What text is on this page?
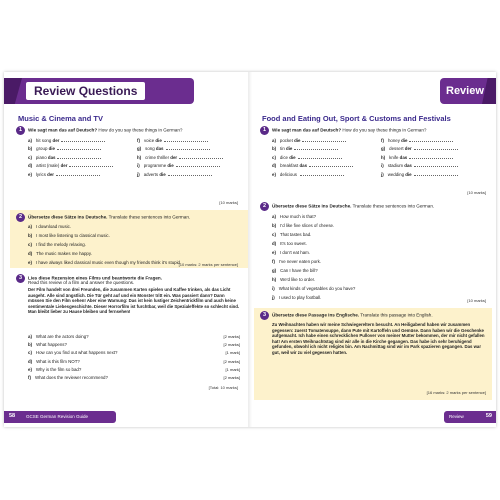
Review Questions
Music & Cinema and TV
1 Wie sagt man das auf Deutsch? How do you say these things in German?
a) hit song der	f) voice die
b) group die	g) song das
c) piano das	h) crime thriller der
d) artist (male) der	i) programme die
e) lyrics der	j) adverts die
[10 marks]
2 Übersetze diese Sätze ins Deutsche. Translate these sentences into German.
a) I download music.
b) I most like listening to classical music.
c) I find the melody relaxing.
d) The music makes me happy.
e) I have always liked classical music even though my friends think it's stupid.
[10 marks: 2 marks per sentence]
3 Lies diese Rezension eines Films und beantworte die Fragen.
Read this review of a film and answer the questions.
Der Film handelt von drei Freunden, die zusammen Karten spielen und Kaffee trinken, als das Licht ausgeht. Alle sind ängstlich. Die Tür geht auf und ein Monster tritt ein. Was passiert dann? Dann müssen Sie den Film sehen! Aber eine Warnung: Das ist kein lustiger Zeichentrickfilm und auch keine sentimentale Liebesgeschichte. Dieser Horrorfilm ist furchtbar, weil die Spezialeffekte so schlecht sind. Man bleibt lieber zu Hause bleiben und fernsehen!
a) What are the actors doing?	[2 marks]
b) What happens?	[2 marks]
c) How can you find out what happens next?	[1 mark]
d) What is this film NOT?	[2 marks]
e) Why is the film so bad?	[1 mark]
f) What does the reviewer recommend?	[2 marks]
[Total: 10 marks]
58 GCSE German Revision Guide
Review
Food and Eating Out, Sport & Customs and Festivals
1 Wie sagt man das auf Deutsch? How do you say these things in German?
a) pocket die	f) honey die
b) tin die	g) dessert der
c) dice die	h) knife das
d) breakfast das	i) stadium das
e) delicious	j) wedding die
[10 marks]
2 Übersetze diese Sätze ins Deutsche. Translate these sentences into German.
a) How much is that?
b) I'd like five slices of cheese.
c) That tastes bad.
d) It's too sweet.
e) I don't eat ham.
f) I've never eaten pork.
g) Can I have the bill?
h) We'd like to order.
i) What kinds of vegetables do you have?
j) I used to play football.
[10 marks]
3 Übersetze diese Passage ins Englische. Translate this passage into English.
Zu Weihnachten haben wir meine Schwiegereltern besucht. An Heiligabend haben wir zusammen gegessen: zuerst Tomatensuppe, dann Pute mit Kartoffeln und Gemüse. Dann haben wir die Geschenke aufgemacht. Ich habe einen schrecklichen Pullover von meiner Mutter bekommen, der mir nicht gefallen hat! Am ersten Weihnachtstag sind wir alle in die Kirche gegangen. Das habe ich sehr beruhigend gefunden, obwohl ich nicht religiös bin. Am Nachmittag sind wir im Park spazieren gegangen. Das war gut, weil wir zu viel gegessen hatten.
[16 marks: 2 marks per sentence]
Review	59
